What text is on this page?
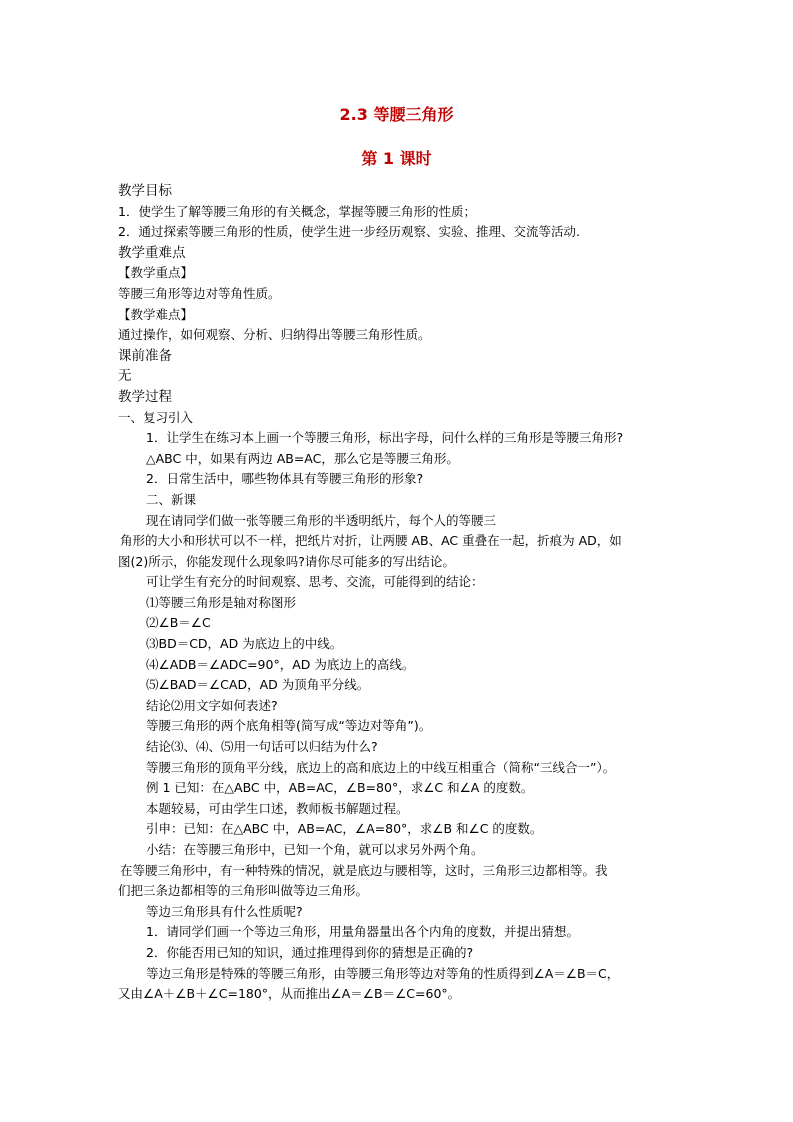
2.3 等腰三角形
第 1 课时

教学目标

1．使学生了解等腰三角形的有关概念，掌握等腰三角形的性质；

2．通过探索等腰三角形的性质，使学生进一步经历观察、实验、推理、交流等活动.

教学重难点

【教学重点】

等腰三角形等边对等角性质。

【教学难点】

通过操作，如何观察、分析、归纳得出等腰三角形性质。

课前准备

无

教学过程

一、复习引入

1．让学生在练习本上画一个等腰三角形，标出字母，问什么样的三角形是等腰三角形?

△ABC 中，如果有两边 AB=AC，那么它是等腰三角形。

2．日常生活中，哪些物体具有等腰三角形的形象?

二、新课

现在请同学们做一张等腰三角形的半透明纸片，每个人的等腰三

角形的大小和形状可以不一样，把纸片对折，让两腰 AB、AC 重叠在一起，折痕为 AD，如

图(2)所示，你能发现什么现象吗?请你尽可能多的写出结论。

可让学生有充分的时间观察、思考、交流，可能得到的结论：

⑴等腰三角形是轴对称图形

⑵∠B＝∠C

⑶BD＝CD，AD 为底边上的中线。

⑷∠ADB＝∠ADC=90°，AD 为底边上的高线。

⑸∠BAD＝∠CAD，AD 为顶角平分线。

结论⑵用文字如何表述?

等腰三角形的两个底角相等(简写成“等边对等角”)。

结论⑶、⑷、⑸用一句话可以归结为什么?

等腰三角形的顶角平分线，底边上的高和底边上的中线互相重合（简称“三线合一”）。

例 1 已知：在△ABC 中，AB=AC，∠B=80°，求∠C 和∠A 的度数。

本题较易，可由学生口述，教师板书解题过程。

引申：已知：在△ABC 中，AB=AC，∠A=80°，求∠B 和∠C 的度数。

小结：在等腰三角形中，已知一个角，就可以求另外两个角。

在等腰三角形中，有一种特殊的情况，就是底边与腰相等，这时，三角形三边都相等。我

们把三条边都相等的三角形叫做等边三角形。

等边三角形具有什么性质呢?

1．请同学们画一个等边三角形，用量角器量出各个内角的度数，并提出猜想。

2．你能否用已知的知识，通过推理得到你的猜想是正确的?

等边三角形是特殊的等腰三角形，由等腰三角形等边对等角的性质得到∠A＝∠B＝C，

又由∠A＋∠B＋∠C=180°，从而推出∠A＝∠B＝∠C=60°。
